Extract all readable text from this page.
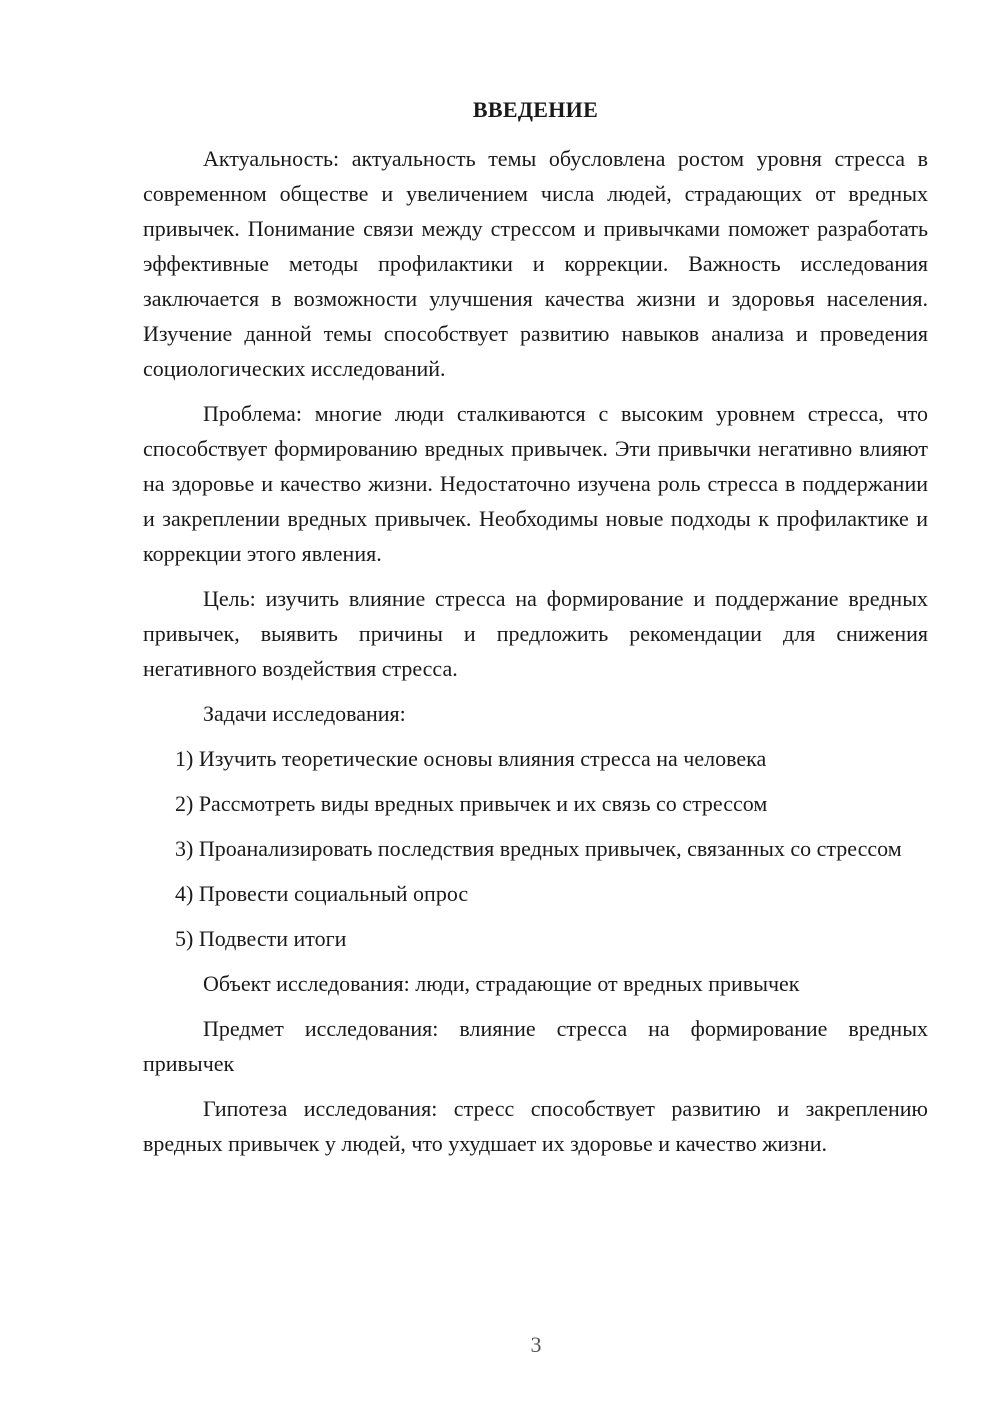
ВВЕДЕНИЕ

Актуальность: актуальность темы обусловлена ростом уровня стресса в современном обществе и увеличением числа людей, страдающих от вредных привычек. Понимание связи между стрессом и привычками поможет разработать эффективные методы профилактики и коррекции. Важность исследования заключается в возможности улучшения качества жизни и здоровья населения. Изучение данной темы способствует развитию навыков анализа и проведения социологических исследований.

Проблема: многие люди сталкиваются с высоким уровнем стресса, что способствует формированию вредных привычек. Эти привычки негативно влияют на здоровье и качество жизни. Недостаточно изучена роль стресса в поддержании и закреплении вредных привычек. Необходимы новые подходы к профилактике и коррекции этого явления.

Цель: изучить влияние стресса на формирование и поддержание вредных привычек, выявить причины и предложить рекомендации для снижения негативного воздействия стресса.

Задачи исследования:

1) Изучить теоретические основы влияния стресса на человека

2) Рассмотреть виды вредных привычек и их связь со стрессом

3) Проанализировать последствия вредных привычек, связанных со стрессом

4) Провести социальный опрос

5) Подвести итоги

Объект исследования: люди, страдающие от вредных привычек

Предмет исследования: влияние стресса на формирование вредных привычек

Гипотеза исследования: стресс способствует развитию и закреплению вредных привычек у людей, что ухудшает их здоровье и качество жизни.

3
